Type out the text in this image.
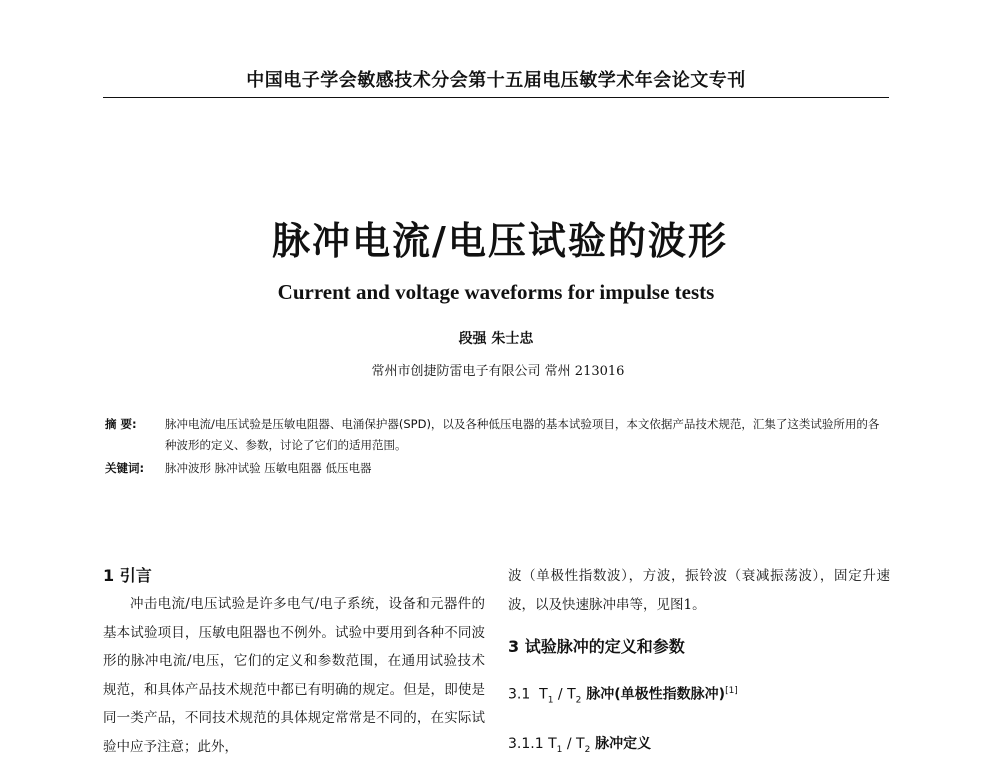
中国电子学会敏感技术分会第十五届电压敏学术年会论文专刊
脉冲电流/电压试验的波形
Current and voltage waveforms for impulse tests
段强 朱士忠
常州市创捷防雷电子有限公司 常州 213016
摘 要:	脉冲电流/电压试验是压敏电阻器、电涌保护器(SPD)，以及各种低压电器的基本试验项目，本文依据产品技术规范，汇集了这类试验所用的各种波形的定义、参数，讨论了它们的适用范围。
关键词:	脉冲波形 脉冲试验 压敏电阻器 低压电器
1 引言

冲击电流/电压试验是许多电气/电子系统，设备和元器件的基本试验项目，压敏电阻器也不例外。试验中要用到各种不同波形的脉冲电流/电压，它们的定义和参数范围，在通用试验技术规范，和具体产品技术规范中都已有明确的规定。但是，即使是同一类产品，不同技术规范的具体规定常常是不同的，在实际试验中应予注意；此外，

波（单极性指数波），方波，振铃波（衰减振荡波），固定升速波，以及快速脉冲串等，见图1。

3 试验脉冲的定义和参数

3.1 $T_1 / T_2$ 脉冲(单极性指数脉冲)[1]

3.1.1 $T_1 / T_2$ 脉冲定义
